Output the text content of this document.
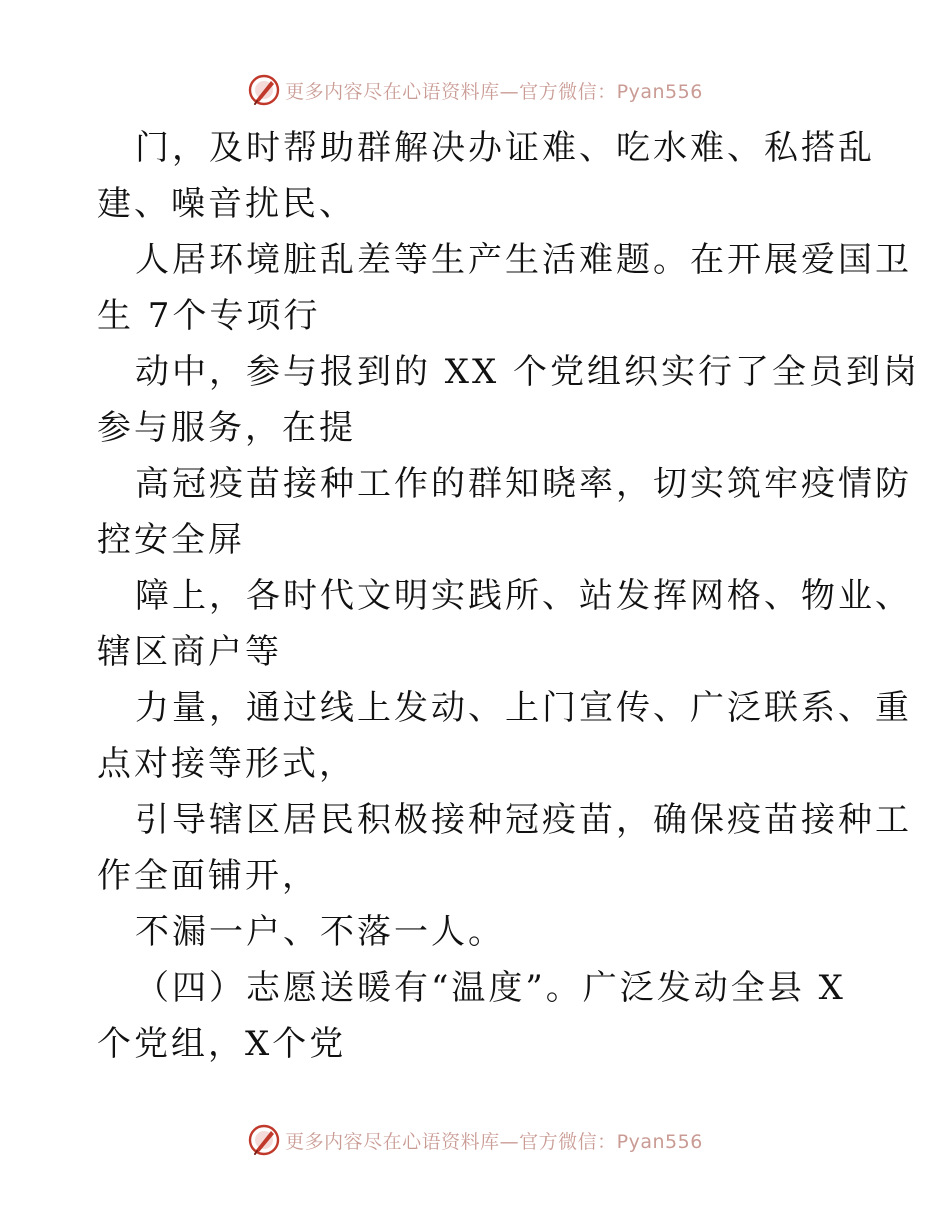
更多内容尽在心语资料库—官方微信：Pyan556
门，及时帮助群解决办证难、吃水难、私搭乱
建、噪音扰民、
人居环境脏乱差等生产生活难题。在开展爱国卫
生 7个专项行
动中，参与报到的 XX 个党组织实行了全员到岗
参与服务，在提
高冠疫苗接种工作的群知晓率，切实筑牢疫情防
控安全屏
障上，各时代文明实践所、站发挥网格、物业、
辖区商户等
力量，通过线上发动、上门宣传、广泛联系、重
点对接等形式，
引导辖区居民积极接种冠疫苗，确保疫苗接种工
作全面铺开，
不漏一户、不落一人。
（四）志愿送暖有“温度”。广泛发动全县 X
个党组，X个党
更多内容尽在心语资料库—官方微信：Pyan556
